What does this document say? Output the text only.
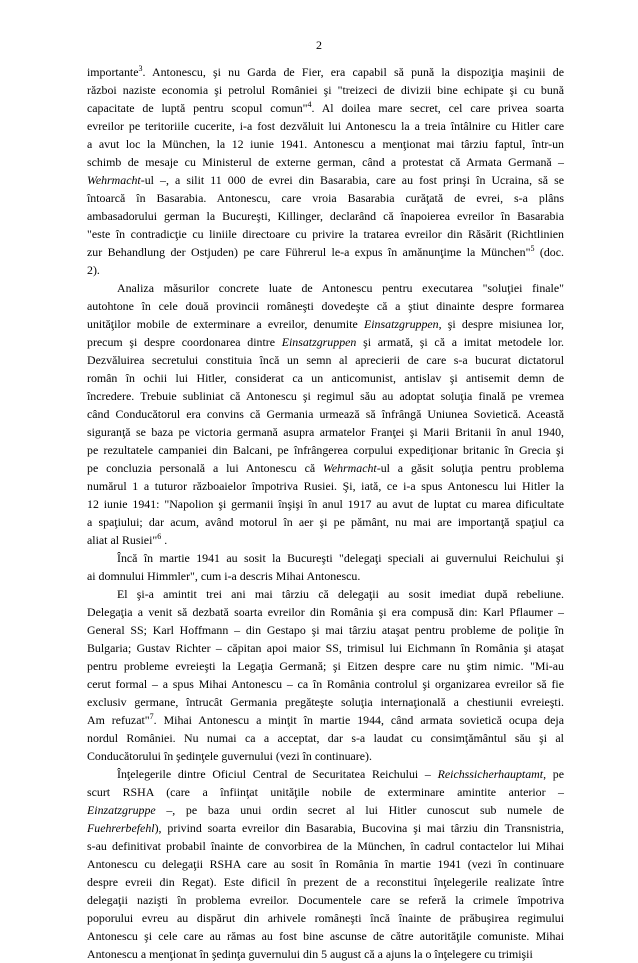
2
importante$^3$. Antonescu, şi nu Garda de Fier, era capabil să pună la dispoziţia maşinii de
război naziste economia şi petrolul României şi "treizeci de divizii bine echipate şi cu bună
capacitate de luptă pentru scopul comun"$^4$. Al doilea mare secret, cel care privea soarta
evreilor pe teritoriile cucerite, i-a fost dezvăluit lui Antonescu la a treia întâlnire cu Hitler care
a avut loc la München, la 12 iunie 1941. Antonescu a menţionat mai târziu faptul, într-un
schimb de mesaje cu Ministerul de externe german, când a protestat că Armata Germană –
Wehrmacht-ul –, a silit 11 000 de evrei din Basarabia, care au fost prinşi în Ucraina, să se
întoarcă în Basarabia. Antonescu, care vroia Basarabia curăţată de evrei, s-a plâns
ambasadorului german la Bucureşti, Killinger, declarând că înapoierea evreilor în Basarabia
"este în contradicţie cu liniile directoare cu privire la tratarea evreilor din Răsărit (Richtlinien
zur Behandlung der Ostjuden) pe care Führerul le-a expus în amănunţime la München"$^5$ (doc.
2).
Analiza măsurilor concrete luate de Antonescu pentru executarea "soluţiei finale"
autohtone în cele două provincii româneşti dovedeşte că a ştiut dinainte despre formarea
unităţilor mobile de exterminare a evreilor, denumite Einsatzgruppen, şi despre misiunea lor,
precum şi despre coordonarea dintre Einsatzgruppen şi armată, şi că a imitat metodele lor.
Dezvăluirea secretului constituia încă un semn al aprecierii de care s-a bucurat dictatorul
român în ochii lui Hitler, considerat ca un anticomunist, antislav şi antisemit demn de
încredere. Trebuie subliniat că Antonescu şi regimul său au adoptat soluţia finală pe vremea
când Conducătorul era convins că Germania urmează să înfrângă Uniunea Sovietică. Această
siguranţă se baza pe victoria germană asupra armatelor Franţei şi Marii Britanii în anul 1940,
pe rezultatele campaniei din Balcani, pe înfrângerea corpului expediţionar britanic în Grecia şi
pe concluzia personală a lui Antonescu că Wehrmacht-ul a găsit soluţia pentru problema
numărul 1 a tuturor războaielor împotriva Rusiei. Şi, iată, ce i-a spus Antonescu lui Hitler la
12 iunie 1941: "Napolion şi germanii înşişi în anul 1917 au avut de luptat cu marea dificultate
a spaţiului; dar acum, având motorul în aer şi pe pământ, nu mai are importanţă spaţiul ca
aliat al Rusiei"$^6$ .
Încă în martie 1941 au sosit la Bucureşti "delegaţi speciali ai guvernului Reichului şi
ai domnului Himmler", cum i-a descris Mihai Antonescu.
El şi-a amintit trei ani mai târziu că delegaţii au sosit imediat după rebeliune.
Delegaţia a venit să dezbată soarta evreilor din România şi era compusă din: Karl Pflaumer –
General SS; Karl Hoffmann – din Gestapo şi mai târziu ataşat pentru probleme de poliţie în
Bulgaria; Gustav Richter – căpitan apoi maior SS, trimisul lui Eichmann în România şi ataşat
pentru probleme evreieşti la Legaţia Germană; şi Eitzen despre care nu ştim nimic. "Mi-au
cerut formal – a spus Mihai Antonescu – ca în România controlul şi organizarea evreilor să fie
exclusiv germane, întrucât Germania pregăteşte soluţia internaţională a chestiunii evreieşti.
Am refuzat"$^7$. Mihai Antonescu a minţit în martie 1944, când armata sovietică ocupa deja
nordul României. Nu numai ca a acceptat, dar s-a laudat cu consimţământul său şi al
Conducătorului în şedinţele guvernului (vezi în continuare).
Înţelegerile dintre Oficiul Central de Securitatea Reichului – Reichssicherhauptamt, pe
scurt RSHA (care a înfiinţat unităţile nobile de exterminare amintite anterior –
Einzatzgruppe –, pe baza unui ordin secret al lui Hitler cunoscut sub numele de
Fuehrerbefehl), privind soarta evreilor din Basarabia, Bucovina şi mai târziu din Transnistria,
s-au definitivat probabil înainte de convorbirea de la München, în cadrul contactelor lui Mihai
Antonescu cu delegaţii RSHA care au sosit în România în martie 1941 (vezi în continuare
despre evreii din Regat). Este dificil în prezent de a reconstitui înţelegerile realizate între
delegaţii nazişti în problema evreilor. Documentele care se referă la crimele împotriva
poporului evreu au dispărut din arhivele româneşti încă înainte de prăbuşirea regimului
Antonescu şi cele care au rămas au fost bine ascunse de către autorităţile comuniste. Mihai
Antonescu a menţionat în şedinţa guvernului din 5 august că a ajuns la o înţelegere cu trimişii
